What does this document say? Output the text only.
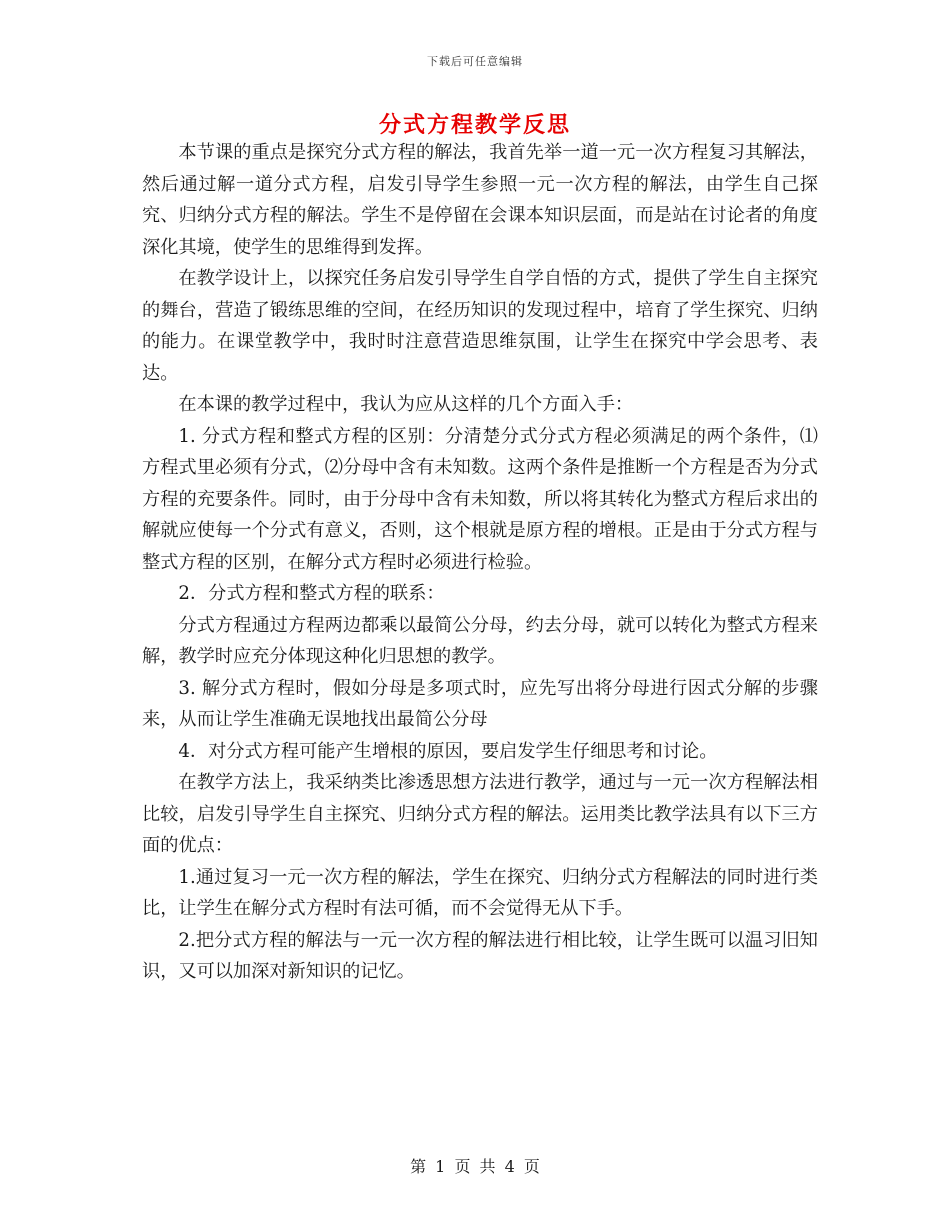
下载后可任意编辑
分式方程教学反思

本节课的重点是探究分式方程的解法，我首先举一道一元一次方程复习其解法，然后通过解一道分式方程，启发引导学生参照一元一次方程的解法，由学生自己探究、归纳分式方程的解法。学生不是停留在会课本知识层面，而是站在讨论者的角度深化其境，使学生的思维得到发挥。

在教学设计上，以探究任务启发引导学生自学自悟的方式，提供了学生自主探究的舞台，营造了锻练思维的空间，在经历知识的发现过程中，培育了学生探究、归纳的能力。在课堂教学中，我时时注意营造思维氛围，让学生在探究中学会思考、表达。

在本课的教学过程中，我认为应从这样的几个方面入手：

1. 分式方程和整式方程的区别：分清楚分式分式方程必须满足的两个条件，⑴方程式里必须有分式，⑵分母中含有未知数。这两个条件是推断一个方程是否为分式方程的充要条件。同时，由于分母中含有未知数，所以将其转化为整式方程后求出的解就应使每一个分式有意义，否则，这个根就是原方程的增根。正是由于分式方程与整式方程的区别，在解分式方程时必须进行检验。

2．分式方程和整式方程的联系：

分式方程通过方程两边都乘以最简公分母，约去分母，就可以转化为整式方程来解，教学时应充分体现这种化归思想的教学。

3. 解分式方程时，假如分母是多项式时，应先写出将分母进行因式分解的步骤来，从而让学生准确无误地找出最简公分母

4．对分式方程可能产生增根的原因，要启发学生仔细思考和讨论。

在教学方法上，我采纳类比渗透思想方法进行教学，通过与一元一次方程解法相比较，启发引导学生自主探究、归纳分式方程的解法。运用类比教学法具有以下三方面的优点：

1.通过复习一元一次方程的解法，学生在探究、归纳分式方程解法的同时进行类比，让学生在解分式方程时有法可循，而不会觉得无从下手。

2.把分式方程的解法与一元一次方程的解法进行相比较，让学生既可以温习旧知识，又可以加深对新知识的记忆。

第 1 页 共 4 页
